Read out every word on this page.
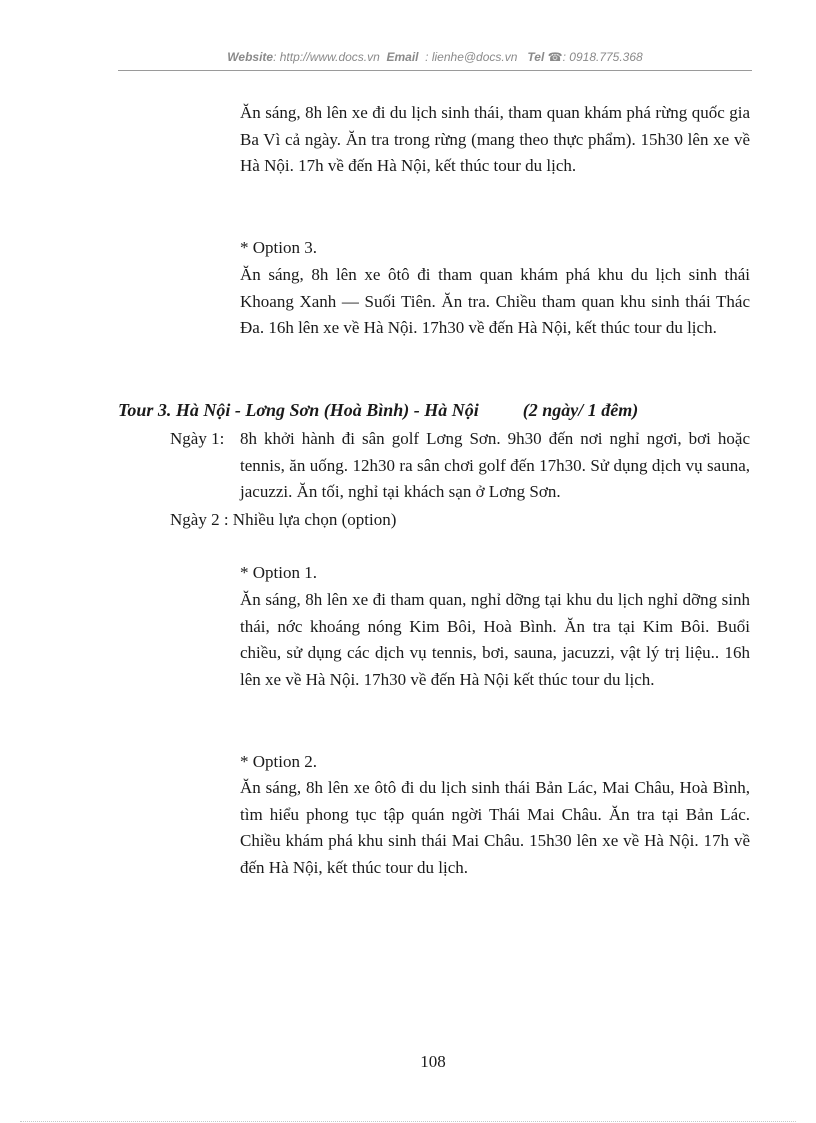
Website: http://www.docs.vn Email : lienhe@docs.vn Tel ☎: 0918.775.368
Ăn sáng, 8h lên xe đi du lịch sinh thái, tham quan khám phá rừng quốc gia Ba Vì cả ngày. Ăn tra trong rừng (mang theo thực phẩm). 15h30 lên xe về Hà Nội. 17h về đến Hà Nội, kết thúc tour du lịch.
* Option 3.
Ăn sáng, 8h lên xe ôtô đi tham quan khám phá khu du lịch sinh thái Khoang Xanh — Suối Tiên. Ăn tra. Chiều tham quan khu sinh thái Thác Đa. 16h lên xe về Hà Nội. 17h30 về đến Hà Nội, kết thúc tour du lịch.
Tour 3. Hà Nội - Lơng Sơn (Hoà Bình) - Hà Nội (2 ngày/ 1 đêm)
Ngày 1: 8h khởi hành đi sân golf Lơng Sơn. 9h30 đến nơi nghỉ ngơi, bơi hoặc tennis, ăn uống. 12h30 ra sân chơi golf đến 17h30. Sử dụng dịch vụ sauna, jacuzzi. Ăn tối, nghỉ tại khách sạn ở Lơng Sơn.
Ngày 2 : Nhiều lựa chọn (option)
* Option 1.
Ăn sáng, 8h lên xe đi tham quan, nghỉ dỡng tại khu du lịch nghỉ dỡng sinh thái, nớc khoáng nóng Kim Bôi, Hoà Bình. Ăn tra tại Kim Bôi. Buổi chiều, sử dụng các dịch vụ tennis, bơi, sauna, jacuzzi, vật lý trị liệu.. 16h lên xe về Hà Nội. 17h30 về đến Hà Nội kết thúc tour du lịch.
* Option 2.
Ăn sáng, 8h lên xe ôtô đi du lịch sinh thái Bản Lác, Mai Châu, Hoà Bình, tìm hiểu phong tục tập quán ngời Thái Mai Châu. Ăn tra tại Bản Lác. Chiều khám phá khu sinh thái Mai Châu. 15h30 lên xe về Hà Nội. 17h về đến Hà Nội, kết thúc tour du lịch.
108
